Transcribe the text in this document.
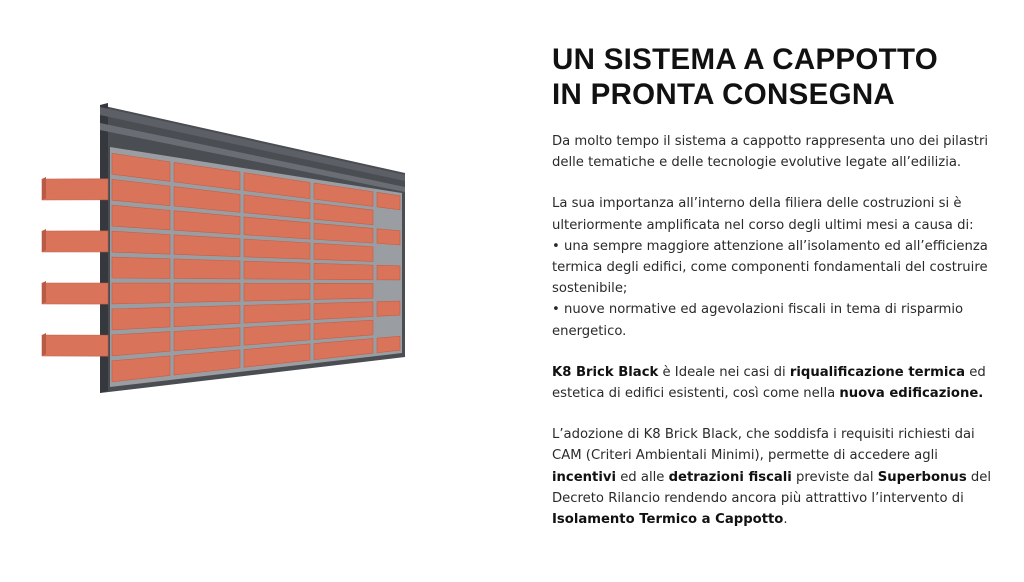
UN SISTEMA A CAPPOTTO
IN PRONTA CONSEGNA

Da molto tempo il sistema a cappotto rappresenta uno dei pilastri delle tematiche e delle tecnologie evolutive legate all’edilizia.

La sua importanza all’interno della filiera delle costruzioni si è ulteriormente amplificata nel corso degli ultimi mesi a causa di:

• una sempre maggiore attenzione all’isolamento ed all’efficienza termica degli edifici, come componenti fondamentali del costruire sostenibile;

• nuove normative ed agevolazioni fiscali in tema di risparmio energetico.

K8 Brick Black è Ideale nei casi di riqualificazione termica ed estetica di edifici esistenti, così come nella nuova edificazione.

L’adozione di K8 Brick Black, che soddisfa i requisiti richiesti dai CAM (Criteri Ambientali Minimi), permette di accedere agli incentivi ed alle detrazioni fiscali previste dal Superbonus del Decreto Rilancio rendendo ancora più attrattivo l’intervento di Isolamento Termico a Cappotto.
